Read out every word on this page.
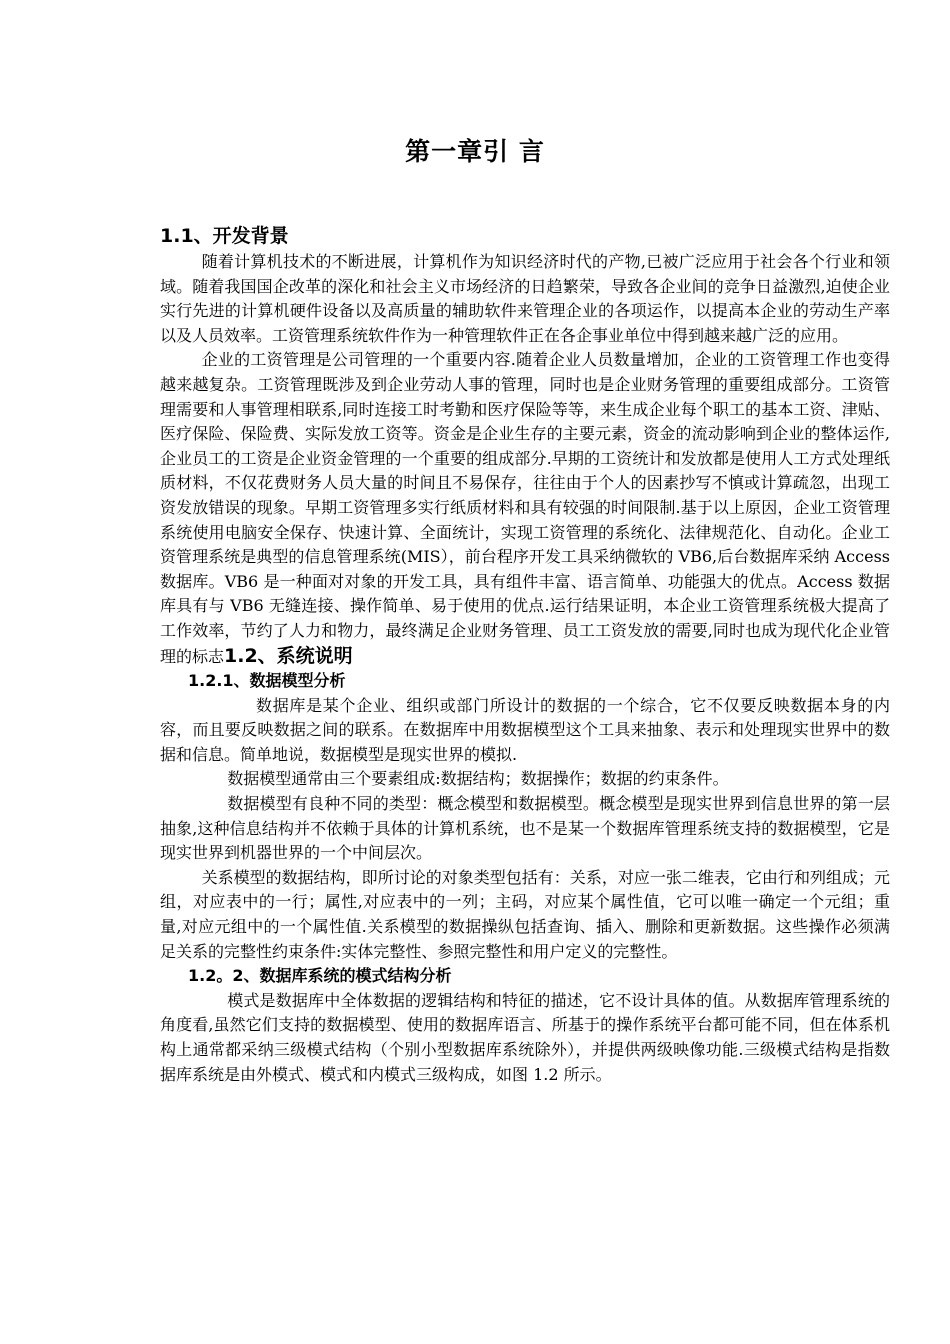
第一章引 言
1.1、开发背景

随着计算机技术的不断进展，计算机作为知识经济时代的产物,已被广泛应用于社会各个行业和领域。随着我国国企改革的深化和社会主义市场经济的日趋繁荣，导致各企业间的竞争日益激烈,迫使企业实行先进的计算机硬件设备以及高质量的辅助软件来管理企业的各项运作，以提高本企业的劳动生产率以及人员效率。工资管理系统软件作为一种管理软件正在各企事业单位中得到越来越广泛的应用。

企业的工资管理是公司管理的一个重要内容.随着企业人员数量增加，企业的工资管理工作也变得越来越复杂。工资管理既涉及到企业劳动人事的管理，同时也是企业财务管理的重要组成部分。工资管理需要和人事管理相联系,同时连接工时考勤和医疗保险等等，来生成企业每个职工的基本工资、津贴、医疗保险、保险费、实际发放工资等。资金是企业生存的主要元素，资金的流动影响到企业的整体运作,企业员工的工资是企业资金管理的一个重要的组成部分.早期的工资统计和发放都是使用人工方式处理纸质材料，不仅花费财务人员大量的时间且不易保存，往往由于个人的因素抄写不慎或计算疏忽，出现工资发放错误的现象。早期工资管理多实行纸质材料和具有较强的时间限制.基于以上原因，企业工资管理系统使用电脑安全保存、快速计算、全面统计，实现工资管理的系统化、法律规范化、自动化。企业工资管理系统是典型的信息管理系统(MIS），前台程序开发工具采纳微软的 VB6,后台数据库采纳 Access 数据库。VB6 是一种面对对象的开发工具，具有组件丰富、语言简单、功能强大的优点。Access 数据库具有与 VB6 无缝连接、操作简单、易于使用的优点.运行结果证明，本企业工资管理系统极大提高了工作效率，节约了人力和物力，最终满足企业财务管理、员工工资发放的需要,同时也成为现代化企业管理的标志1.2、系统说明

1.2.1、数据模型分析

数据库是某个企业、组织或部门所设计的数据的一个综合，它不仅要反映数据本身的内容，而且要反映数据之间的联系。在数据库中用数据模型这个工具来抽象、表示和处理现实世界中的数据和信息。简单地说，数据模型是现实世界的模拟.

数据模型通常由三个要素组成:数据结构；数据操作；数据的约束条件。

数据模型有良种不同的类型：概念模型和数据模型。概念模型是现实世界到信息世界的第一层抽象,这种信息结构并不依赖于具体的计算机系统，也不是某一个数据库管理系统支持的数据模型，它是现实世界到机器世界的一个中间层次。

关系模型的数据结构，即所讨论的对象类型包括有：关系，对应一张二维表，它由行和列组成；元组，对应表中的一行；属性,对应表中的一列；主码，对应某个属性值，它可以唯一确定一个元组；重量,对应元组中的一个属性值.关系模型的数据操纵包括查询、插入、删除和更新数据。这些操作必须满足关系的完整性约束条件:实体完整性、参照完整性和用户定义的完整性。

1.2。2、数据库系统的模式结构分析

模式是数据库中全体数据的逻辑结构和特征的描述，它不设计具体的值。从数据库管理系统的角度看,虽然它们支持的数据模型、使用的数据库语言、所基于的操作系统平台都可能不同，但在体系机构上通常都采纳三级模式结构（个别小型数据库系统除外），并提供两级映像功能.三级模式结构是指数据库系统是由外模式、模式和内模式三级构成，如图 1.2 所示。
